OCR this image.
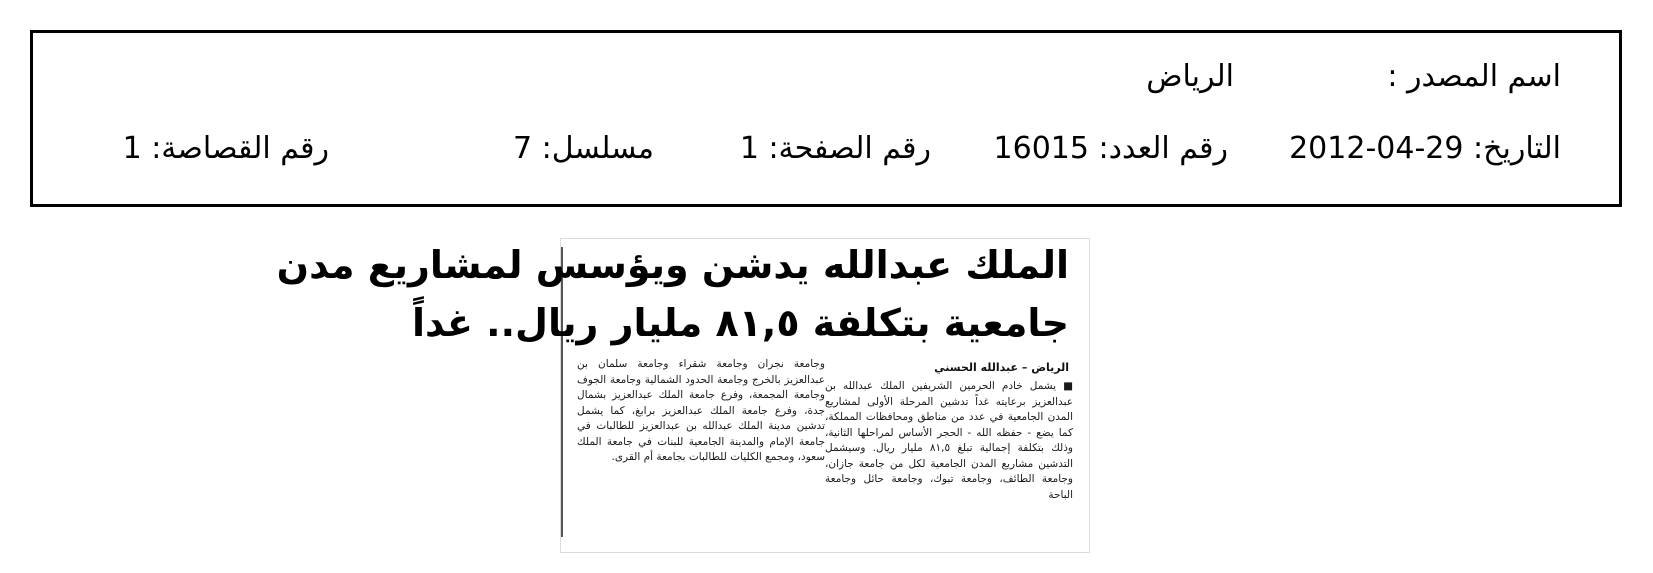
اسم المصدر :
الرياض
التاريخ: 29-04-2012
رقم العدد: 16015
رقم الصفحة: 1
مسلسل: 7
رقم القصاصة: 1
الملك عبدالله يدشن ويؤسس لمشاريع مدن
جامعية بتكلفة ٨١,٥ مليار ريال.. غداً
الرياض – عبدالله الحسني
■ يشمل خادم الحرمين الشريفين الملك عبدالله بن عبدالعزيز برعايته غداً تدشين المرحلة الأولى لمشاريع المدن الجامعية في عدد من مناطق ومحافظات المملكة، كما يضع - حفظه الله - الحجر الأساس لمراحلها الثانية، وذلك بتكلفة إجمالية تبلغ ٨١,٥ مليار ريال. وسيشمل التدشين مشاريع المدن الجامعية لكل من جامعة جازان، وجامعة الطائف، وجامعة تبوك، وجامعة حائل وجامعة الباحة
وجامعة نجران وجامعة شقراء وجامعة سلمان بن عبدالعزيز بالخرج وجامعة الحدود الشمالية وجامعة الجوف وجامعة المجمعة، وفرع جامعة الملك عبدالعزيز بشمال جدة، وفرع جامعة الملك عبدالعزيز برابغ، كما يشمل تدشين مدينة الملك عبدالله بن عبدالعزيز للطالبات في جامعة الإمام والمدينة الجامعية للبنات في جامعة الملك سعود، ومجمع الكليات للطالبات بجامعة أم القرى.
